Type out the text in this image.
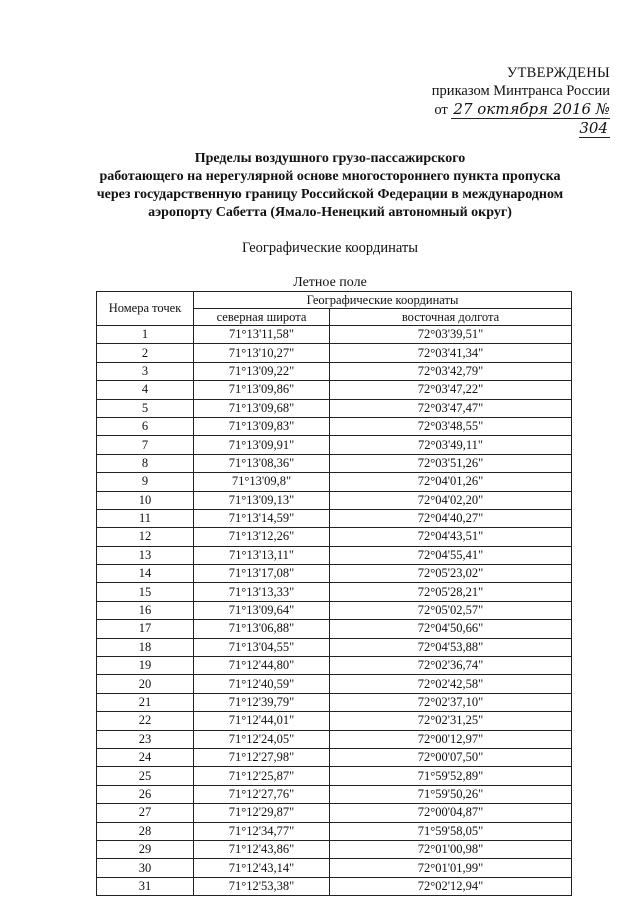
УТВЕРЖДЕНЫ
приказом Минтранса России
от 27 октября 2016 № 304
Пределы воздушного грузо-пассажирского
работающего на нерегулярной основе многостороннего пункта пропуска
через государственную границу Российской Федерации в международном
аэропорту Сабетта (Ямало-Ненецкий автономный округ)
Географические координаты
Летное поле
Номера точек	Географические координаты	
	северная широта	восточная долгота
1	71°13'11,58"	72°03'39,51"
2	71°13'10,27"	72°03'41,34"
3	71°13'09,22"	72°03'42,79"
4	71°13'09,86"	72°03'47,22"
5	71°13'09,68"	72°03'47,47"
6	71°13'09,83"	72°03'48,55"
7	71°13'09,91"	72°03'49,11"
8	71°13'08,36"	72°03'51,26"
9	71°13'09,8"	72°04'01,26"
10	71°13'09,13"	72°04'02,20"
11	71°13'14,59"	72°04'40,27"
12	71°13'12,26"	72°04'43,51"
13	71°13'13,11"	72°04'55,41"
14	71°13'17,08"	72°05'23,02"
15	71°13'13,33"	72°05'28,21"
16	71°13'09,64"	72°05'02,57"
17	71°13'06,88"	72°04'50,66"
18	71°13'04,55"	72°04'53,88"
19	71°12'44,80"	72°02'36,74"
20	71°12'40,59"	72°02'42,58"
21	71°12'39,79"	72°02'37,10"
22	71°12'44,01"	72°02'31,25"
23	71°12'24,05"	72°00'12,97"
24	71°12'27,98"	72°00'07,50"
25	71°12'25,87"	71°59'52,89"
26	71°12'27,76"	71°59'50,26"
27	71°12'29,87"	72°00'04,87"
28	71°12'34,77"	71°59'58,05"
29	71°12'43,86"	72°01'00,98"
30	71°12'43,14"	72°01'01,99"
31	71°12'53,38"	72°02'12,94"
